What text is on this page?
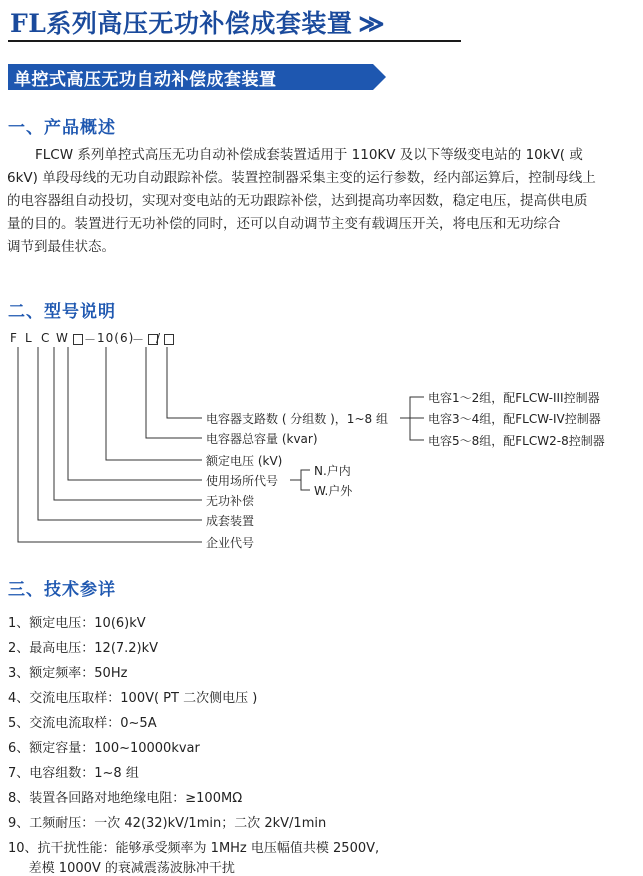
FL系列高压无功补偿成套装置 ≫
单控式高压无功自动补偿成套装置
一、产品概述
FLCW 系列单控式高压无功自动补偿成套装置适用于 110KV 及以下等级变电站的 10kV( 或
6kV) 单段母线的无功自动跟踪补偿。装置控制器采集主变的运行参数，经内部运算后，控制母线上
的电容器组自动投切，实现对变电站的无功跟踪补偿，达到提高功率因数，稳定电压，提高供电质
量的目的。装置进行无功补偿的同时，还可以自动调节主变有载调压开关，将电压和无功综合
调节到最佳状态。
二、型号说明
F L C W － 10(6)
－ /
电容器支路数 ( 分组数 )，1~8 组
电容器总容量 (kvar)
额定电压 (kV)
使用场所代号
无功补偿
成套装置
企业代号
N.户内
W.户外
电容1～2组，配FLCW-III控制器
电容3～4组，配FLCW-IV控制器
电容5～8组，配FLCW2-8控制器
三、技术参详
1、额定电压：10(6)kV
2、最高电压：12(7.2)kV
3、额定频率：50Hz
4、交流电压取样：100V( PT 二次侧电压 )
5、交流电流取样：0~5A
6、额定容量：100~10000kvar
7、电容组数：1~8 组
8、装置各回路对地绝缘电阻：≥100MΩ
9、工频耐压：一次 42(32)kV/1min；二次 2kV/1min
10、抗干扰性能：能够承受频率为 1MHz 电压幅值共模 2500V,
差模 1000V 的衰减震荡波脉冲干扰
